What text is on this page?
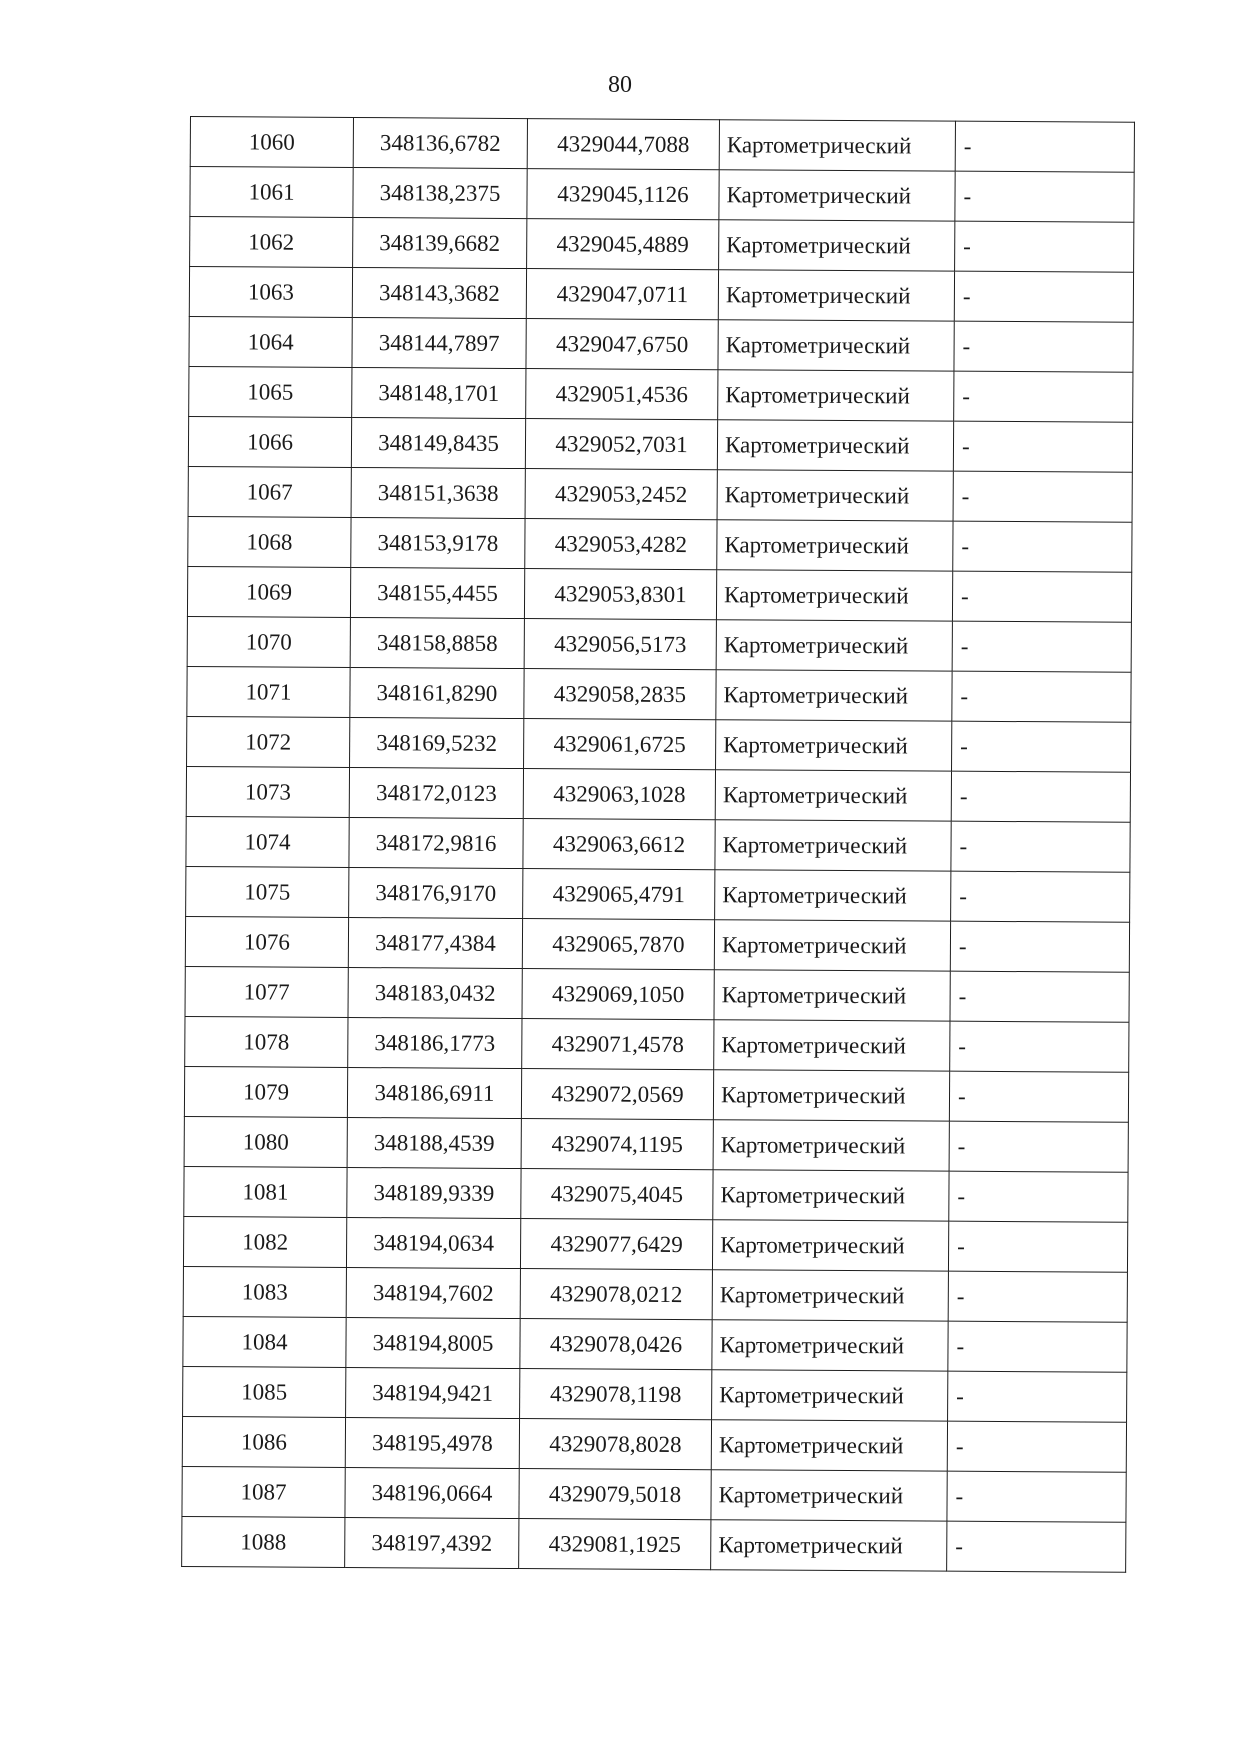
80
1060	348136,6782	4329044,7088	Картометрический	-
1061	348138,2375	4329045,1126	Картометрический	-
1062	348139,6682	4329045,4889	Картометрический	-
1063	348143,3682	4329047,0711	Картометрический	-
1064	348144,7897	4329047,6750	Картометрический	-
1065	348148,1701	4329051,4536	Картометрический	-
1066	348149,8435	4329052,7031	Картометрический	-
1067	348151,3638	4329053,2452	Картометрический	-
1068	348153,9178	4329053,4282	Картометрический	-
1069	348155,4455	4329053,8301	Картометрический	-
1070	348158,8858	4329056,5173	Картометрический	-
1071	348161,8290	4329058,2835	Картометрический	-
1072	348169,5232	4329061,6725	Картометрический	-
1073	348172,0123	4329063,1028	Картометрический	-
1074	348172,9816	4329063,6612	Картометрический	-
1075	348176,9170	4329065,4791	Картометрический	-
1076	348177,4384	4329065,7870	Картометрический	-
1077	348183,0432	4329069,1050	Картометрический	-
1078	348186,1773	4329071,4578	Картометрический	-
1079	348186,6911	4329072,0569	Картометрический	-
1080	348188,4539	4329074,1195	Картометрический	-
1081	348189,9339	4329075,4045	Картометрический	-
1082	348194,0634	4329077,6429	Картометрический	-
1083	348194,7602	4329078,0212	Картометрический	-
1084	348194,8005	4329078,0426	Картометрический	-
1085	348194,9421	4329078,1198	Картометрический	-
1086	348195,4978	4329078,8028	Картометрический	-
1087	348196,0664	4329079,5018	Картометрический	-
1088	348197,4392	4329081,1925	Картометрический	-
